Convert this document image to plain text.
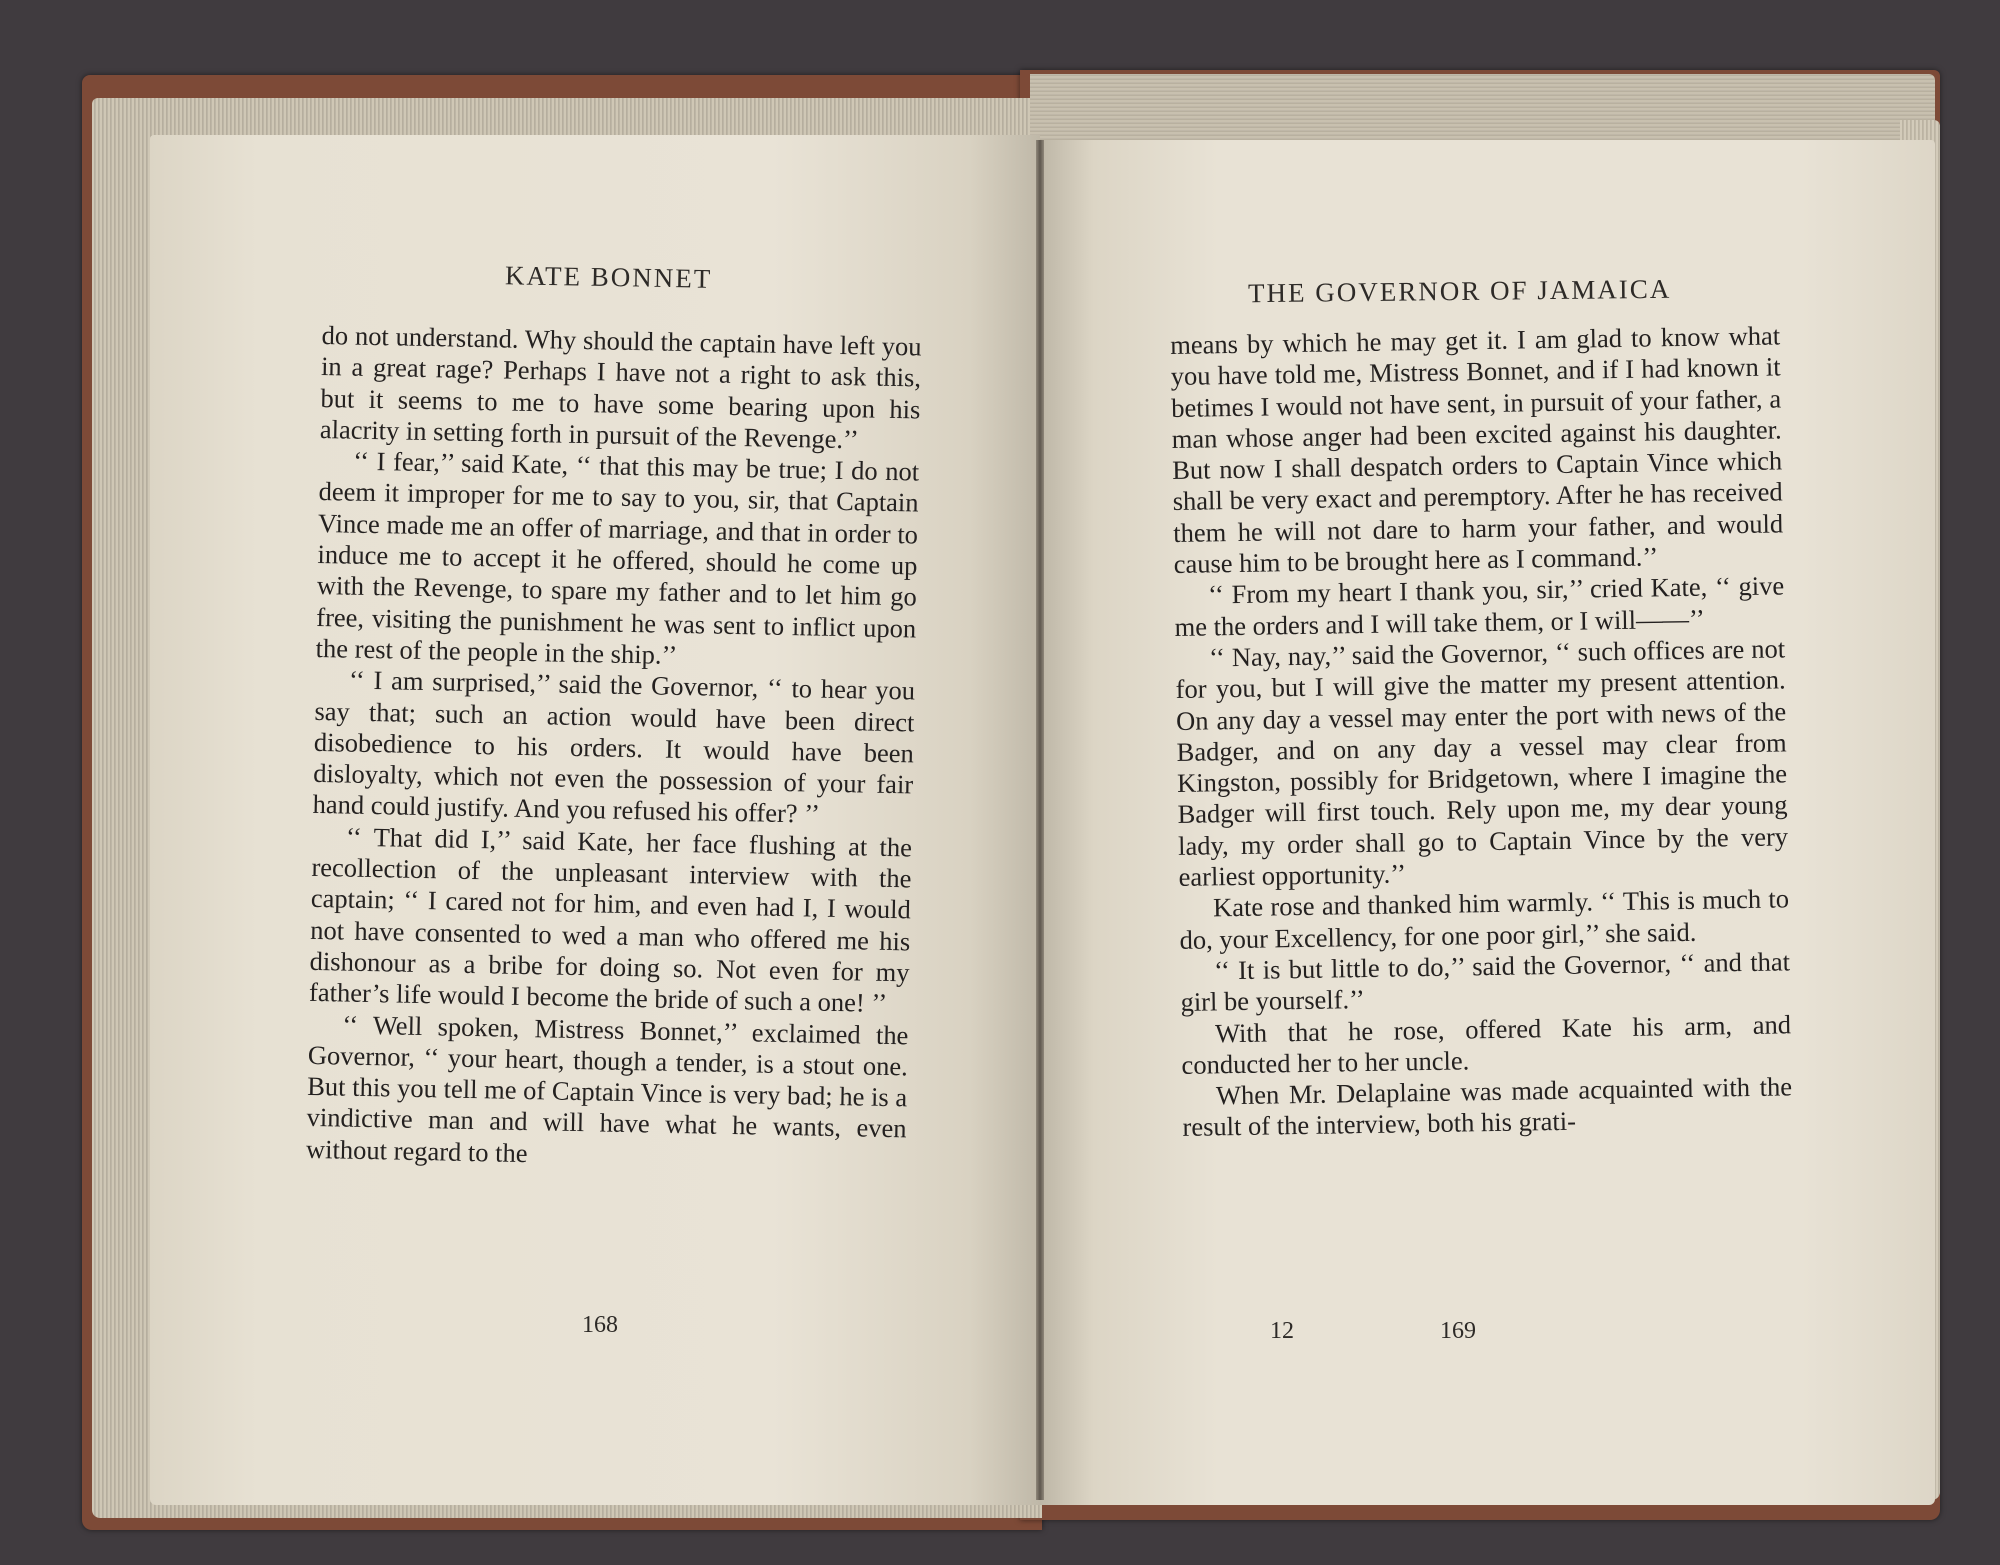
KATE BONNET

do not understand. Why should the captain have left you in a great rage? Perhaps I have not a right to ask this, but it seems to me to have some bearing upon his alacrity in setting forth in pursuit of the Revenge.’’

‘‘ I fear,’’ said Kate, ‘‘ that this may be true; I do not deem it improper for me to say to you, sir, that Captain Vince made me an offer of marriage, and that in order to induce me to accept it he offered, should he come up with the Revenge, to spare my father and to let him go free, visiting the punishment he was sent to inflict upon the rest of the people in the ship.’’

‘‘ I am surprised,’’ said the Governor, ‘‘ to hear you say that; such an action would have been direct disobedience to his orders. It would have been disloyalty, which not even the possession of your fair hand could justify. And you refused his offer? ’’

‘‘ That did I,’’ said Kate, her face flushing at the recollection of the unpleasant interview with the captain; ‘‘ I cared not for him, and even had I, I would not have consented to wed a man who offered me his dishonour as a bribe for doing so. Not even for my father’s life would I become the bride of such a one! ’’

‘‘ Well spoken, Mistress Bonnet,’’ exclaimed the Governor, ‘‘ your heart, though a tender, is a stout one. But this you tell me of Captain Vince is very bad; he is a vindictive man and will have what he wants, even without regard to the

168
THE GOVERNOR OF JAMAICA

means by which he may get it. I am glad to know what you have told me, Mistress Bonnet, and if I had known it betimes I would not have sent, in pursuit of your father, a man whose anger had been excited against his daughter. But now I shall despatch orders to Captain Vince which shall be very exact and peremptory. After he has received them he will not dare to harm your father, and would cause him to be brought here as I command.’’

‘‘ From my heart I thank you, sir,’’ cried Kate, ‘‘ give me the orders and I will take them, or I will——’’

‘‘ Nay, nay,’’ said the Governor, ‘‘ such offices are not for you, but I will give the matter my present attention. On any day a vessel may enter the port with news of the Badger, and on any day a vessel may clear from Kingston, possibly for Bridgetown, where I imagine the Badger will first touch. Rely upon me, my dear young lady, my order shall go to Captain Vince by the very earliest opportunity.’’

Kate rose and thanked him warmly. ‘‘ This is much to do, your Excellency, for one poor girl,’’ she said.

‘‘ It is but little to do,’’ said the Governor, ‘‘ and that girl be yourself.’’

With that he rose, offered Kate his arm, and conducted her to her uncle.

When Mr. Delaplaine was made acquainted with the result of the interview, both his grati-

12	169
